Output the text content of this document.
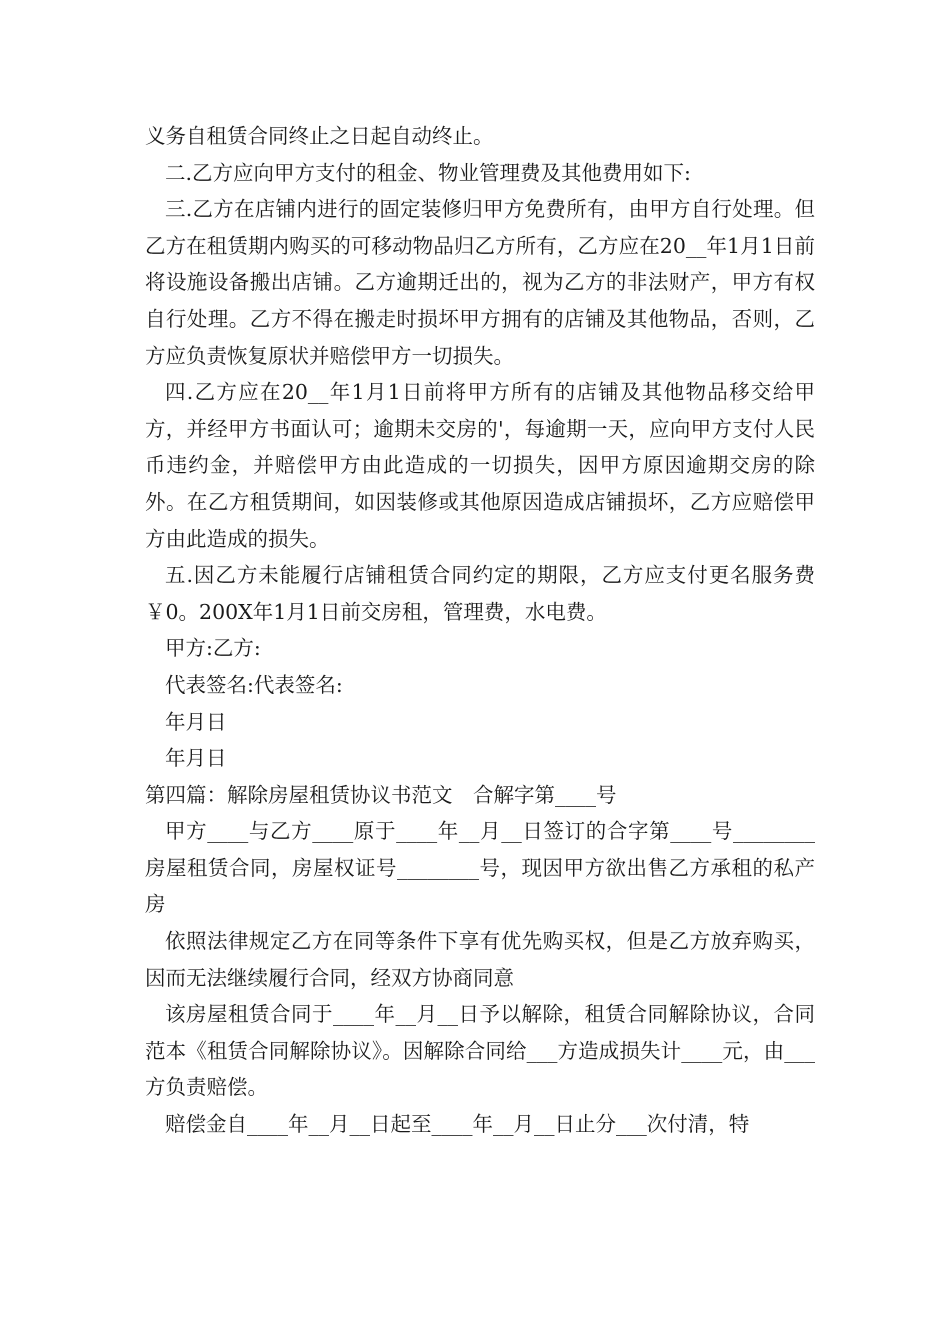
义务自租赁合同终止之日起自动终止。

二.乙方应向甲方支付的租金、物业管理费及其他费用如下:

三.乙方在店铺内进行的固定装修归甲方免费所有，由甲方自行处理。但乙方在租赁期内购买的可移动物品归乙方所有，乙方应在20__年1月1日前将设施设备搬出店铺。乙方逾期迁出的，视为乙方的非法财产，甲方有权自行处理。乙方不得在搬走时损坏甲方拥有的店铺及其他物品，否则，乙方应负责恢复原状并赔偿甲方一切损失。

四.乙方应在20__年1月1日前将甲方所有的店铺及其他物品移交给甲方，并经甲方书面认可；逾期未交房的'，每逾期一天，应向甲方支付人民币违约金，并赔偿甲方由此造成的一切损失，因甲方原因逾期交房的除外。在乙方租赁期间，如因装修或其他原因造成店铺损坏，乙方应赔偿甲方由此造成的损失。

五.因乙方未能履行店铺租赁合同约定的期限，乙方应支付更名服务费￥0。200X年1月1日前交房租，管理费，水电费。

甲方:乙方:

代表签名:代表签名:

年月日

年月日

第四篇：解除房屋租赁协议书范文　合解字第____号

甲方____与乙方____原于____年__月__日签订的合字第____号________房屋租赁合同，房屋权证号________号，现因甲方欲出售乙方承租的私产房

依照法律规定乙方在同等条件下享有优先购买权，但是乙方放弃购买，因而无法继续履行合同，经双方协商同意

该房屋租赁合同于____年__月__日予以解除，租赁合同解除协议，合同范本《租赁合同解除协议》。因解除合同给___方造成损失计____元，由___方负责赔偿。

赔偿金自____年__月__日起至____年__月__日止分___次付清，特
